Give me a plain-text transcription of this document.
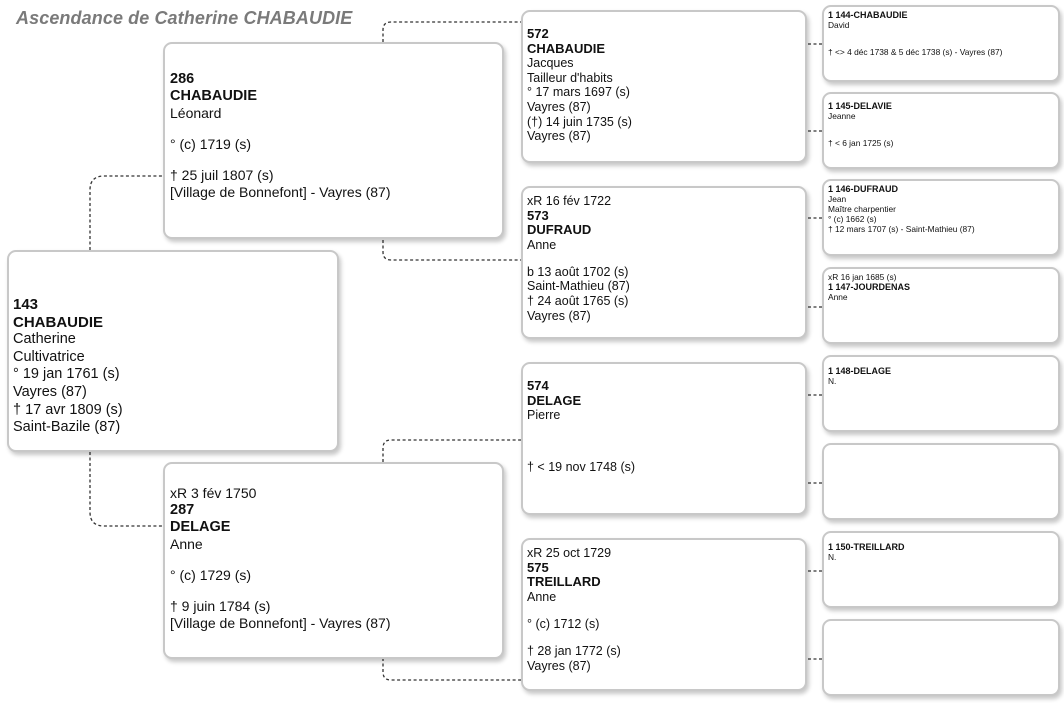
Ascendance de Catherine CHABAUDIE
143
CHABAUDIE
Catherine
Cultivatrice
° 19 jan 1761 (s)
Vayres (87)
† 17 avr 1809 (s)
Saint-Bazile (87)
286
CHABAUDIE
Léonard
° (c) 1719 (s)
† 25 juil 1807 (s)
[Village de Bonnefont] - Vayres (87)
xR 3 fév 1750
287
DELAGE
Anne
° (c) 1729 (s)
† 9 juin 1784 (s)
[Village de Bonnefont] - Vayres (87)
572
CHABAUDIE
Jacques
Tailleur d'habits
° 17 mars 1697 (s)
Vayres (87)
(†) 14 juin 1735 (s)
Vayres (87)
xR 16 fév 1722
573
DUFRAUD
Anne
b 13 août 1702 (s)
Saint-Mathieu (87)
† 24 août 1765 (s)
Vayres (87)
574
DELAGE
Pierre
† < 19 nov 1748 (s)
xR 25 oct 1729
575
TREILLARD
Anne
° (c) 1712 (s)
† 28 jan 1772 (s)
Vayres (87)
1 144-CHABAUDIE
David
† <> 4 déc 1738 & 5 déc 1738 (s) - Vayres (87)
1 145-DELAVIE
Jeanne
† < 6 jan 1725 (s)
1 146-DUFRAUD
Jean
Maître charpentier
° (c) 1662 (s)
† 12 mars 1707 (s) - Saint-Mathieu (87)
xR 16 jan 1685 (s)
1 147-JOURDENAS
Anne
1 148-DELAGE
N.
1 150-TREILLARD
N.
